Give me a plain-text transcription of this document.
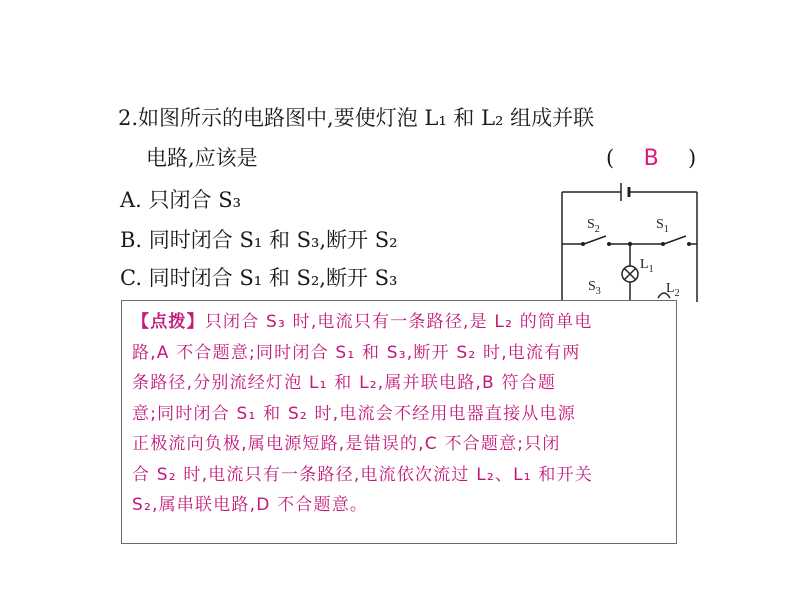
2.如图所示的电路图中,要使灯泡 L₁ 和 L₂ 组成并联
电路,应该是	( B )
A. 只闭合 S₃
B. 同时闭合 S₁ 和 S₃,断开 S₂
C. 同时闭合 S₁ 和 S₂,断开 S₃
$S_2$	$S_1$
$L_1$
$S_3$	$L_2$
【点拨】只闭合 S₃ 时,电流只有一条路径,是 L₂ 的简单电
路,A 不合题意;同时闭合 S₁ 和 S₃,断开 S₂ 时,电流有两
条路径,分别流经灯泡 L₁ 和 L₂,属并联电路,B 符合题
意;同时闭合 S₁ 和 S₂ 时,电流会不经用电器直接从电源
正极流向负极,属电源短路,是错误的,C 不合题意;只闭
合 S₂ 时,电流只有一条路径,电流依次流过 L₂、L₁ 和开关
S₂,属串联电路,D 不合题意。
